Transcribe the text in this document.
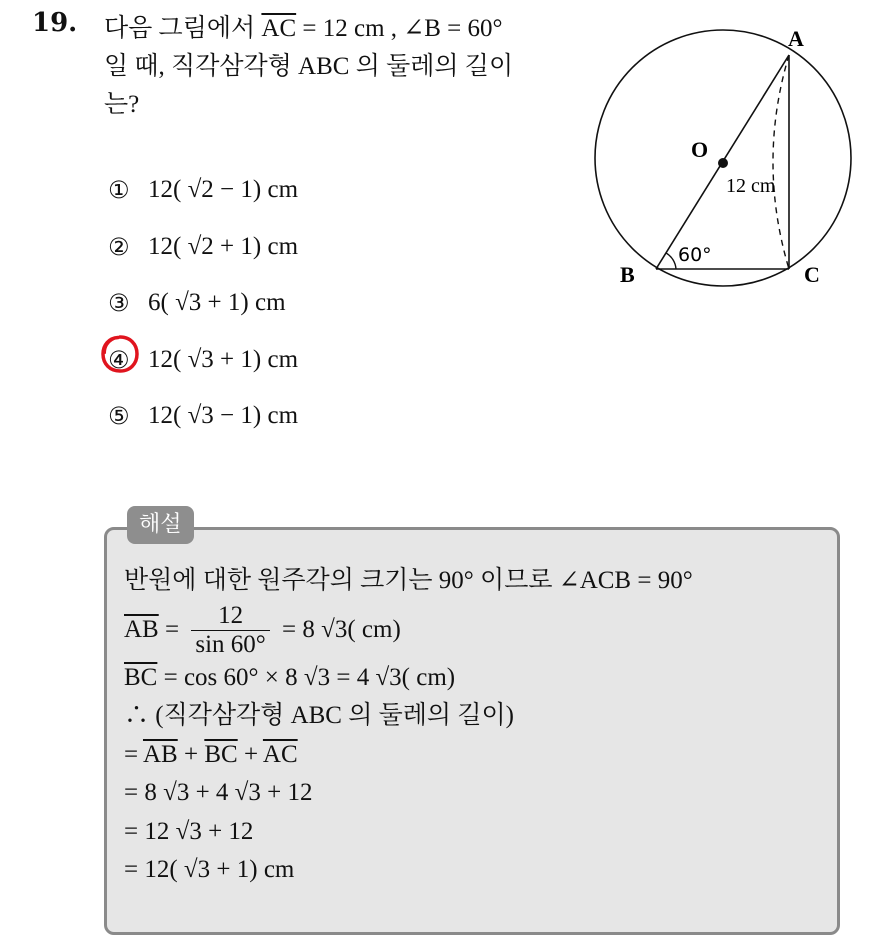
19. 다음 그림에서 $\overline{AC} = 12$ cm , ∠B = 60°
일 때, 직각삼각형 ABC 의 둘레의 길이
는?
① 12( √2 − 1) cm
② 12( √2 + 1) cm
③ 6( √3 + 1) cm
④ 12( √3 + 1) cm
⑤ 12( √3 − 1) cm
A
B	C
O
60°
12 cm
해설
반원에 대한 원주각의 크기는 90° 이므로 ∠ACB = 90°
$\overline{AB} = \frac{12}{\sin 60^\circ} = 8$ √3( cm)
$\overline{BC} = \cos 60^\circ \times 8$ √3 = 4 √3( cm)
∴ (직각삼각형 ABC 의 둘레의 길이)
= $\overline{AB} + \overline{BC} + \overline{AC}$
= 8 √3 + 4 √3 + 12
= 12 √3 + 12
= 12( √3 + 1) cm
